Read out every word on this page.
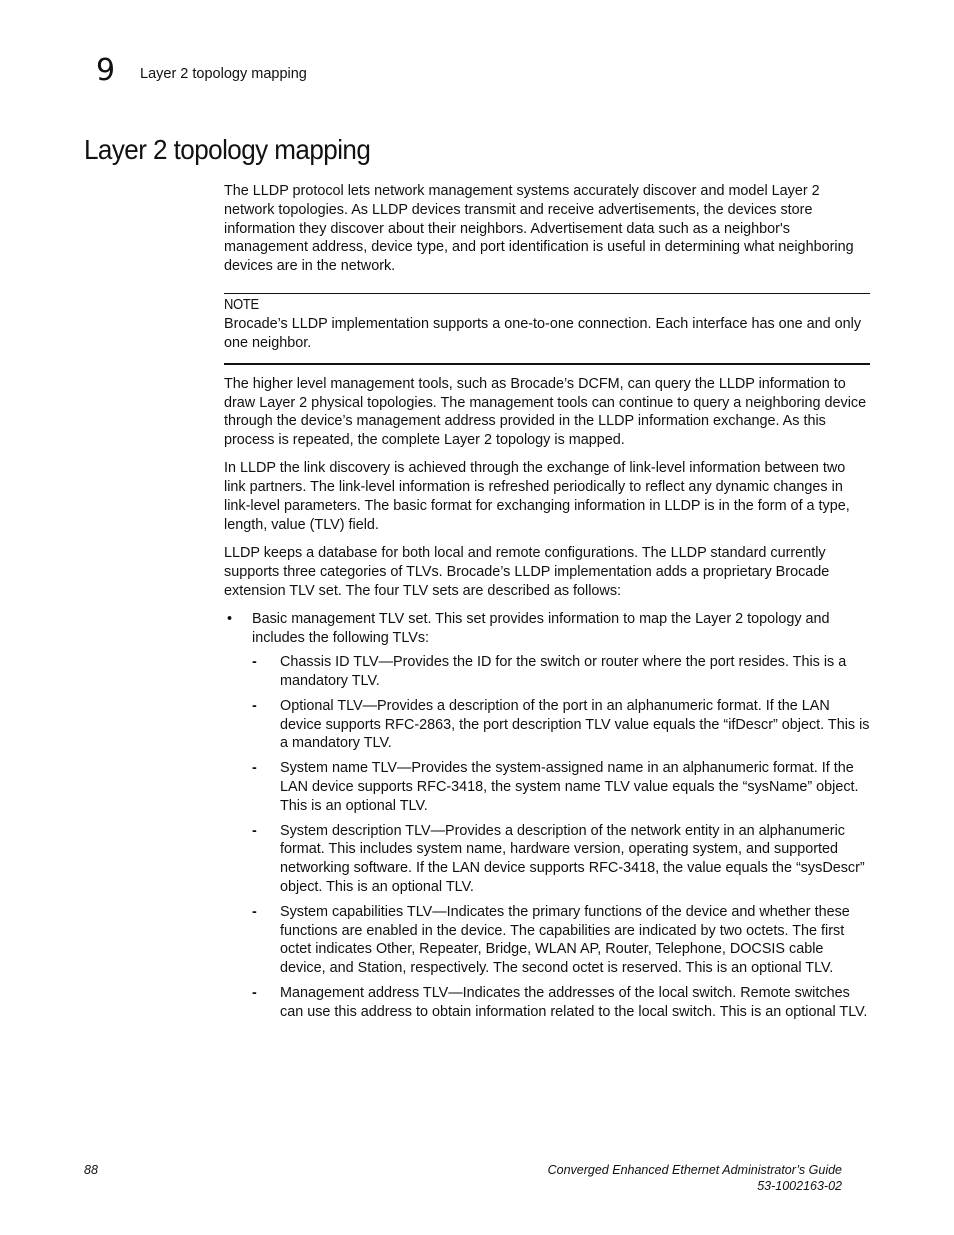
9 Layer 2 topology mapping
Layer 2 topology mapping

The LLDP protocol lets network management systems accurately discover and model Layer 2 network topologies. As LLDP devices transmit and receive advertisements, the devices store information they discover about their neighbors. Advertisement data such as a neighbor's management address, device type, and port identification is useful in determining what neighboring devices are in the network.

NOTE

Brocade’s LLDP implementation supports a one-to-one connection. Each interface has one and only one neighbor.

The higher level management tools, such as Brocade’s DCFM, can query the LLDP information to draw Layer 2 physical topologies. The management tools can continue to query a neighboring device through the device’s management address provided in the LLDP information exchange. As this process is repeated, the complete Layer 2 topology is mapped.

In LLDP the link discovery is achieved through the exchange of link-level information between two link partners. The link-level information is refreshed periodically to reflect any dynamic changes in link-level parameters. The basic format for exchanging information in LLDP is in the form of a type, length, value (TLV) field.

LLDP keeps a database for both local and remote configurations. The LLDP standard currently supports three categories of TLVs. Brocade’s LLDP implementation adds a proprietary Brocade extension TLV set. The four TLV sets are described as follows:

• Basic management TLV set. This set provides information to map the Layer 2 topology and includes the following TLVs:
- Chassis ID TLV—Provides the ID for the switch or router where the port resides. This is a mandatory TLV.
- Optional TLV—Provides a description of the port in an alphanumeric format. If the LAN device supports RFC-2863, the port description TLV value equals the “ifDescr” object. This is a mandatory TLV.
- System name TLV—Provides the system-assigned name in an alphanumeric format. If the LAN device supports RFC-3418, the system name TLV value equals the “sysName” object. This is an optional TLV.
- System description TLV—Provides a description of the network entity in an alphanumeric format. This includes system name, hardware version, operating system, and supported networking software. If the LAN device supports RFC-3418, the value equals the “sysDescr” object. This is an optional TLV.
- System capabilities TLV—Indicates the primary functions of the device and whether these functions are enabled in the device. The capabilities are indicated by two octets. The first octet indicates Other, Repeater, Bridge, WLAN AP, Router, Telephone, DOCSIS cable device, and Station, respectively. The second octet is reserved. This is an optional TLV.
- Management address TLV—Indicates the addresses of the local switch. Remote switches can use this address to obtain information related to the local switch. This is an optional TLV.
88	Converged Enhanced Ethernet Administrator’s Guide
53-1002163-02
